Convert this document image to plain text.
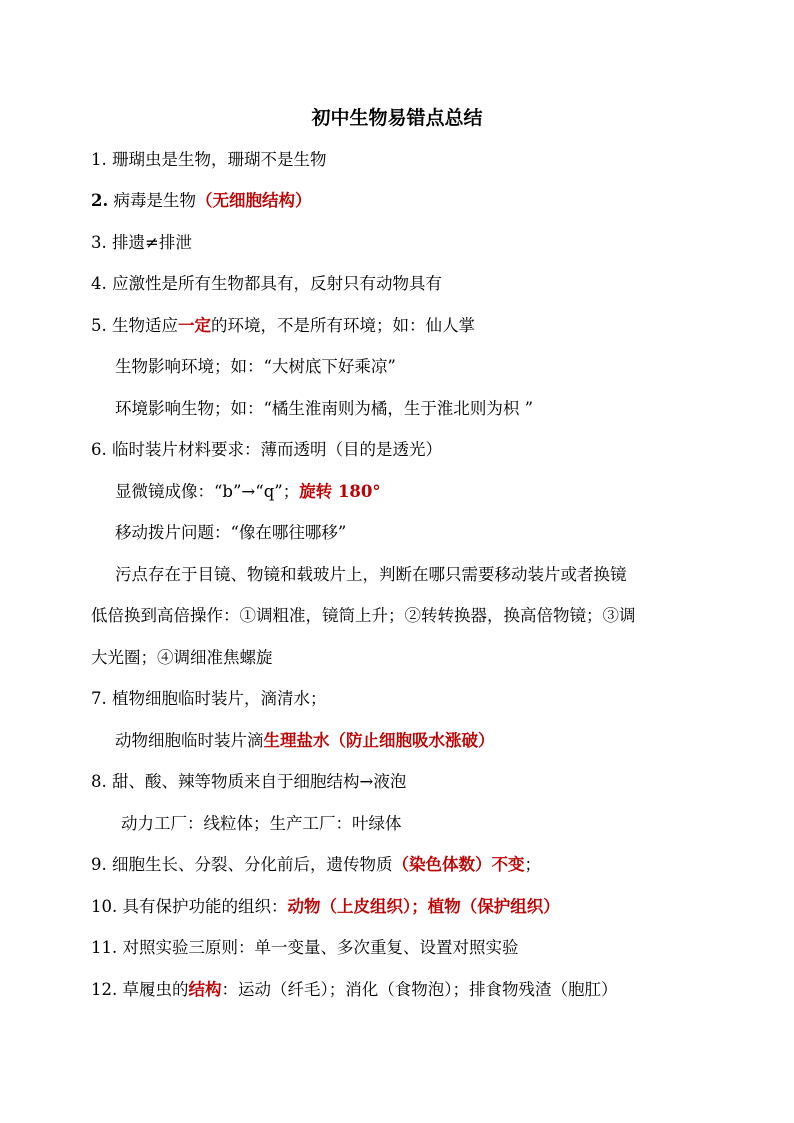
初中生物易错点总结
1. 珊瑚虫是生物，珊瑚不是生物
2. 病毒是生物（无细胞结构）
3. 排遗≠排泄
4. 应激性是所有生物都具有，反射只有动物具有
5. 生物适应一定的环境，不是所有环境；如：仙人掌
生物影响环境；如：“大树底下好乘凉”
环境影响生物；如：“橘生淮南则为橘，生于淮北则为枳 ”
6. 临时装片材料要求：薄而透明（目的是透光）
显微镜成像：“b”→“q”；旋转 180°
移动拨片问题：“像在哪往哪移”
污点存在于目镜、物镜和载玻片上，判断在哪只需要移动装片或者换镜
低倍换到高倍操作：①调粗准，镜筒上升；②转转换器，换高倍物镜；③调
大光圈；④调细准焦螺旋
7. 植物细胞临时装片，滴清水；
动物细胞临时装片滴生理盐水（防止细胞吸水涨破）
8. 甜、酸、辣等物质来自于细胞结构→液泡
动力工厂：线粒体；生产工厂：叶绿体
9. 细胞生长、分裂、分化前后，遗传物质（染色体数）不变；
10. 具有保护功能的组织：动物（上皮组织）；植物（保护组织）
11. 对照实验三原则：单一变量、多次重复、设置对照实验
12. 草履虫的结构：运动（纤毛）；消化（食物泡）；排食物残渣（胞肛）
